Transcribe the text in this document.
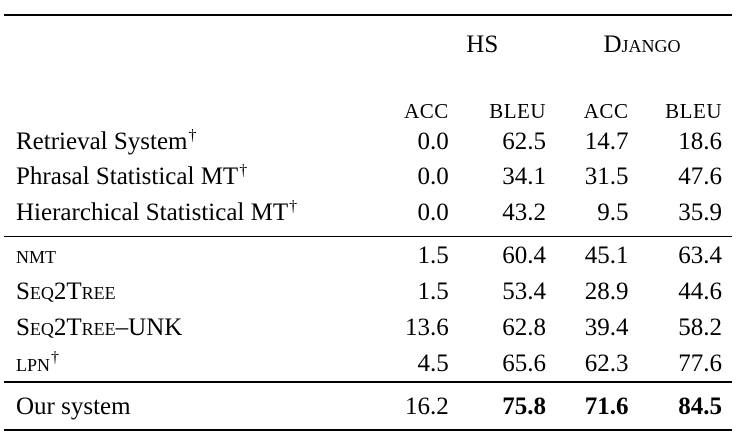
	HS		Django	
	ACC	BLEU	ACC	BLEU
Retrieval System†	0.0	62.5	14.7	18.6
Phrasal Statistical MT†	0.0	34.1	31.5	47.6
Hierarchical Statistical MT†	0.0	43.2	9.5	35.9

nmt	1.5	60.4	45.1	63.4
Seq2Tree	1.5	53.4	28.9	44.6
Seq2Tree–UNK	13.6	62.8	39.4	58.2
lpn†	4.5	65.6	62.3	77.6
Our system	16.2	75.8	71.6	84.5
